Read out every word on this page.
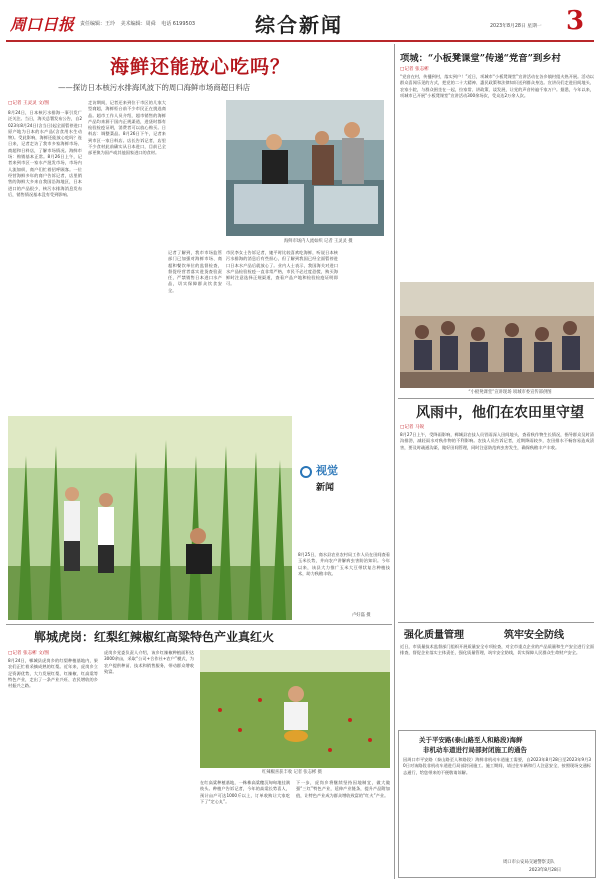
周口日报 责任编辑：王玲 美术编辑：周舜 电话 6199503	综合新闻	2023年8月28日 星期一 3
海鲜还能放心吃吗？
——探访日本核污水排海风波下的周口海鲜市场商超日料店
□记者 王灵灵 文/图
8月24日，日本核污水排海一事引发广泛关注。当日，海关总署发布公告，自2023年8月24日(含当日)起全面暂停进口原产地为日本的水产品(含食用水生动物)。受此影响，海鲜还能放心吃吗？连日来，记者走访了我市多家海鲜市场、商超和日料店，了解市场情况。海鲜市场：购销基本正常。8月26日上午，记者来到市区一家水产批发市场，市场内人流如织，商户们忙着招呼顾客。一位经营海鲜多年的商户告诉记者，店里销售的海鲜大多来自我国沿海地区，日本进口的产品很少，核污水排海消息发布后，销售情况基本没有受到影响。
走访期间，记者还来到位于市区的几家大型商超，海鲜柜台前不少市民正在挑选商品。超市工作人员介绍，超市销售的海鲜产品均来源于国内正规渠道，进货时都有检验检疫证明，消费者可以放心购买。日料店：调整菜品。8月26日下午，记者来到市区一家日料店。店长告诉记者，店里不少食材此前确实从日本进口，目前已全部更换为国产或其他国家进口的食材。
市民李女士告诉记者，她平时比较喜欢吃海鲜，听说日本核污水排海的消息后有些担心，但了解到我国已经全面暂停进口日本水产品后就放心了。业内人士表示，我国海关对进口水产品检验检疫一直非常严格，市民不必过度恐慌，购买海鲜时注意选择正规渠道，查看产品产地和检验检疫证明即可。
记者了解到，我市市场监管部门已加强对海鲜市场、商超和餐饮单位的监督检查，督促经营者落实进货查验责任，严禁销售日本进口水产品，切实保障群众饮食安全。
海鲜市场内人流如织 记者 王灵灵 摄
视觉
新闻
8月25日，商水县农业农村局工作人员在田间查看玉米长势，并向农户讲解病虫害防治知识。今年以来，该县大力推广玉米大豆带状复合种植技术，助力秋粮丰收。
卢好磊 摄
项城：“小板凳课堂”传递“党音”到乡村
□记者 张志彬
“党音在村，传播到村，落实到户！”近日，项城市“小板凳课堂”宣讲活动在各乡镇村组火热开展。活动以群众喜闻乐见的方式，把党的二十大精神、惠民政策和法律知识送到群众身边。宣讲员们走进田间地头、农家小院，与群众围坐在一起，拉家常、讲政策、谈发展，让党的声音传遍千家万户。据悉，今年以来，项城市已开展“小板凳课堂”宣讲活动300余场次，受众达2万余人次。
“小板凳课堂”宣讲现场 项城市委宣传部供图
风雨中，他们在农田里守望
□记者 马锐
8月27日上午，受降雨影响，郸城县农技人员冒雨深入田间地头，查看秋作物生长情况，指导群众及时清沟排涝，减轻雨水对秋作物的不利影响。农技人员告诉记者，近期降雨较多，农田排水不畅容易造成渍害，要及时疏通沟渠，做好田间管理，同时注意防范病虫害发生，确保秋粮丰产丰收。
强化质量管理	筑牢安全防线
近日，市质量技术监督部门组织开展质量安全专项检查，对全市重点企业的产品质量和生产安全进行全面排查，督促企业落实主体责任，强化质量管理，筑牢安全防线，切实保障人民群众生命财产安全。
关于平安路(泰山路至人和路段)海鲜
非机动车道进行局部封闭施工的通告
因周口市平安路（泰山路至人和路段）海鲜非机动车道施工需要，自2023年8月28日至2023年9月30日对该路段非机动车道进行局部封闭施工。施工期间，请过往车辆和行人注意安全，按照现场交通标志通行，给您带来的不便敬请谅解。
周口市公安局交通警察支队
2023年8月28日
郸城虎岗：红梨红辣椒红高粱特色产业真红火
□记者 张志彬 文/图
8月24日，郸城县虎岗乡的红梨种植基地内，果农们正忙着采摘成熟的红梨。近年来，虎岗乡立足资源优势，大力发展红梨、红辣椒、红高粱等特色产业，走出了一条产业兴旺、农民增收的乡村振兴之路。
虎岗乡党委负责人介绍，该乡红辣椒种植面积达3000余亩，采取“公司+合作社+农户”模式，为农户提供种苗、技术和销售服务，带动群众增收致富。
红辣椒喜获丰收 记者 张志彬 摄
在红高粱种植基地，一株株高粱穗沉甸甸地挂满枝头。种植户告诉记者，今年的高粱长势喜人，预计亩产可达1000斤以上，订单收购让大家吃下了“定心丸”。
下一步，虎岗乡将继续坚持因地制宜，做大做强“三红”特色产业，延伸产业链条，提升产品附加值，让特色产业成为群众增收致富的“红火”产业。
